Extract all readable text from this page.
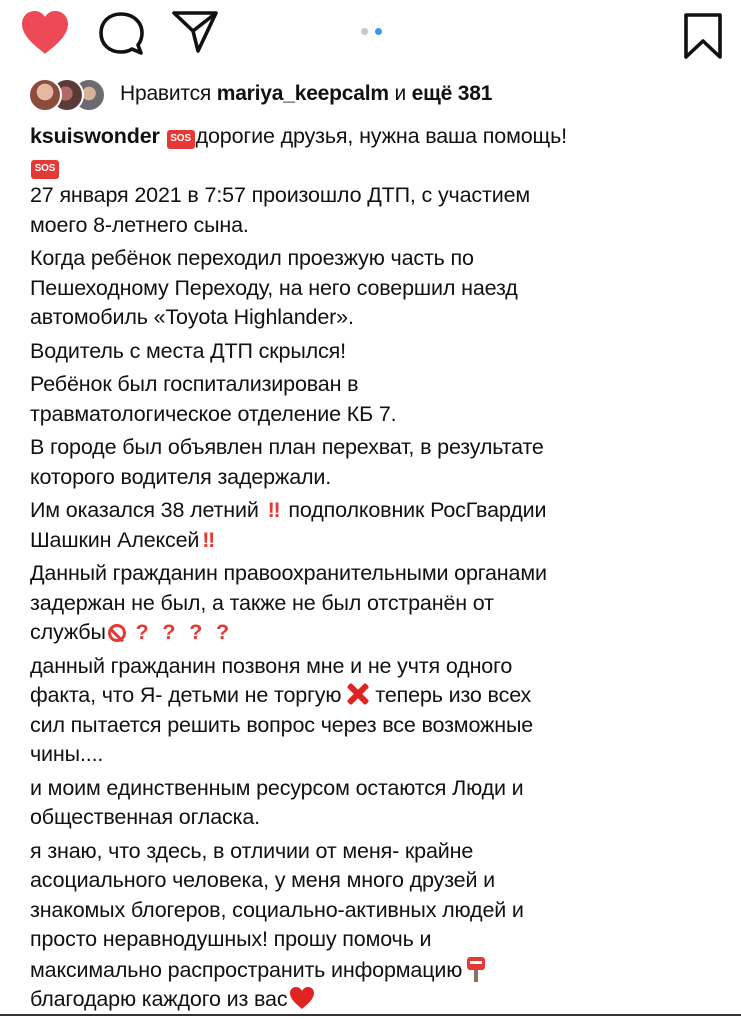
Нравится mariya_keepcalm и ещё 381
ksuiswonder SOS дорогие друзья, нужна ваша помощь!
SOS
27 января 2021 в 7:57 произошло ДТП, с участием
моего 8-летнего сына.
Когда ребёнок переходил проезжую часть по
Пешеходному Переходу, на него совершил наезд
автомобиль «Toyota Highlander».
Водитель с места ДТП скрылся!
Ребёнок был госпитализирован в
травматологическое отделение КБ 7.
В городе был объявлен план перехват, в результате
которого водителя задержали.
Им оказался 38 летний ‼ подполковник РосГвардии
Шашкин Алексей ‼
Данный гражданин правоохранительными органами
задержан не был, а также не был отстранён от
службы ? ? ? ?
данный гражданин позвоня мне и не учтя одного
факта, что Я- детьми не торгую теперь изо всех
сил пытается решить вопрос через все возможные
чины....
и моим единственным ресурсом остаются Люди и
общественная огласка.
я знаю, что здесь, в отличии от меня- крайне
асоциального человека, у меня много друзей и
знакомых блогеров, социально-активных людей и
просто неравнодушных! прошу помочь и
максимально распространить информацию
благодарю каждого из вас
